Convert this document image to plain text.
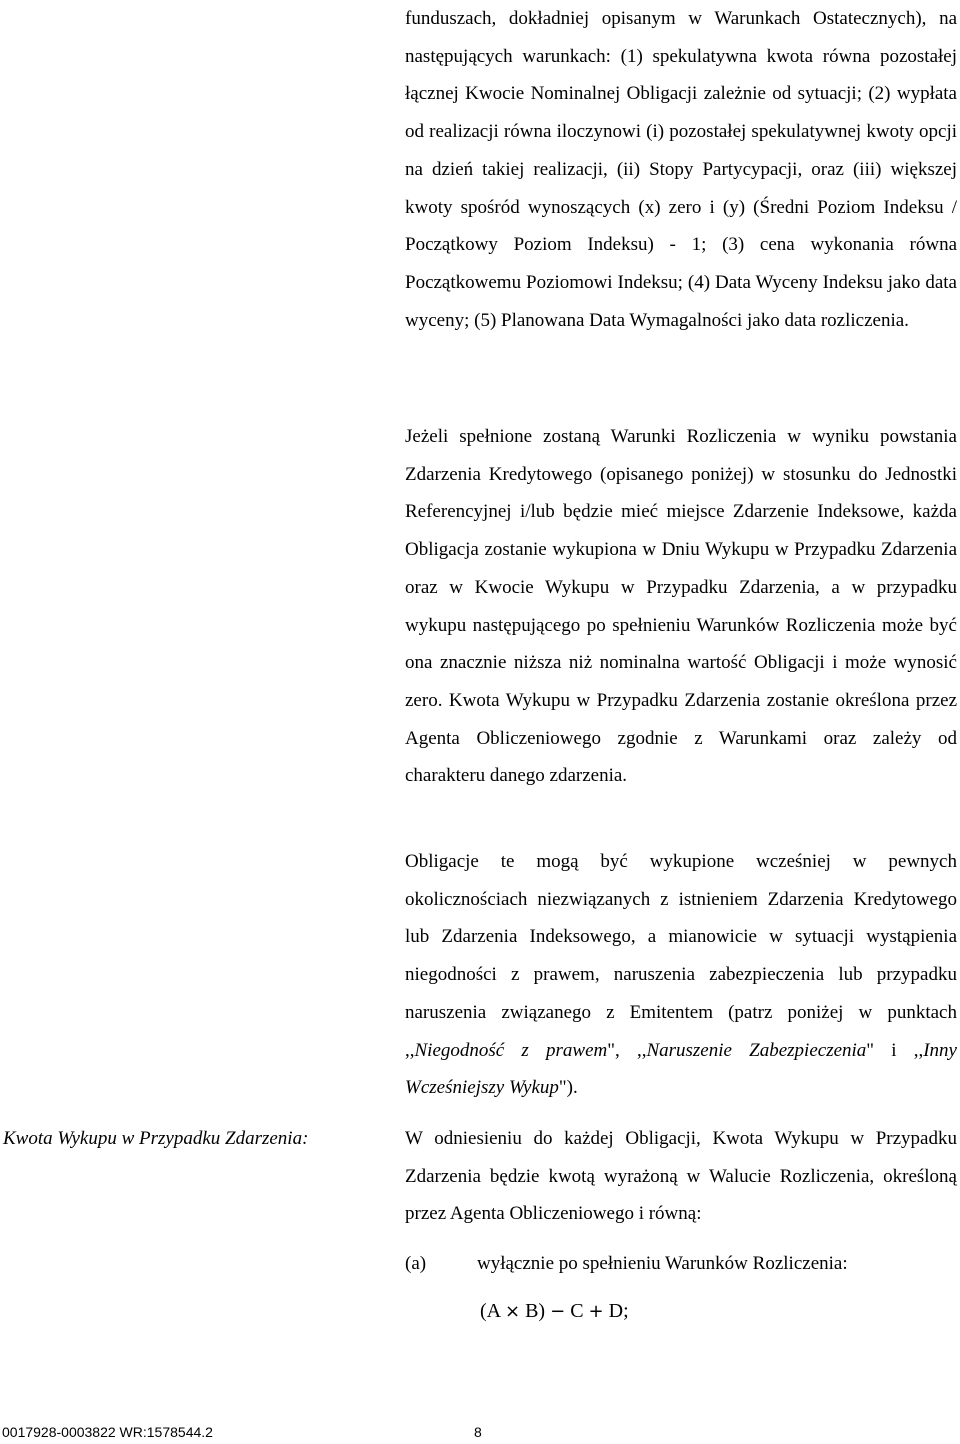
funduszach, dokładniej opisanym w Warunkach Ostatecznych), na następujących warunkach: (1) spekulatywna kwota równa pozostałej łącznej Kwocie Nominalnej Obligacji zależnie od sytuacji; (2) wypłata od realizacji równa iloczynowi (i) pozostałej spekulatywnej kwoty opcji na dzień takiej realizacji, (ii) Stopy Partycypacji, oraz (iii) większej kwoty spośród wynoszących (x) zero i (y) (Średni Poziom Indeksu / Początkowy Poziom Indeksu) - 1; (3) cena wykonania równa Początkowemu Poziomowi Indeksu; (4) Data Wyceny Indeksu jako data wyceny; (5) Planowana Data Wymagalności jako data rozliczenia.

Jeżeli spełnione zostaną Warunki Rozliczenia w wyniku powstania Zdarzenia Kredytowego (opisanego poniżej) w stosunku do Jednostki Referencyjnej i/lub będzie mieć miejsce Zdarzenie Indeksowe, każda Obligacja zostanie wykupiona w Dniu Wykupu w Przypadku Zdarzenia oraz w Kwocie Wykupu w Przypadku Zdarzenia, a w przypadku wykupu następującego po spełnieniu Warunków Rozliczenia może być ona znacznie niższa niż nominalna wartość Obligacji i może wynosić zero. Kwota Wykupu w Przypadku Zdarzenia zostanie określona przez Agenta Obliczeniowego zgodnie z Warunkami oraz zależy od charakteru danego zdarzenia.

Obligacje te mogą być wykupione wcześniej w pewnych okolicznościach niezwiązanych z istnieniem Zdarzenia Kredytowego lub Zdarzenia Indeksowego, a mianowicie w sytuacji wystąpienia niegodności z prawem, naruszenia zabezpieczenia lub przypadku naruszenia związanego z Emitentem (patrz poniżej w punktach ,,Niegodność z prawem", ,,Naruszenie Zabezpieczenia" i ,,Inny Wcześniejszy Wykup").

Kwota Wykupu w Przypadku Zdarzenia:	W odniesieniu do każdej Obligacji, Kwota Wykupu w Przypadku Zdarzenia będzie kwotą wyrażoną w Walucie Rozliczenia, określoną przez Agenta Obliczeniowego i równą:

(a)	wyłącznie po spełnieniu Warunków Rozliczenia:
(A × B) − C + D;
0017928-0003822 WR:1578544.2	8
